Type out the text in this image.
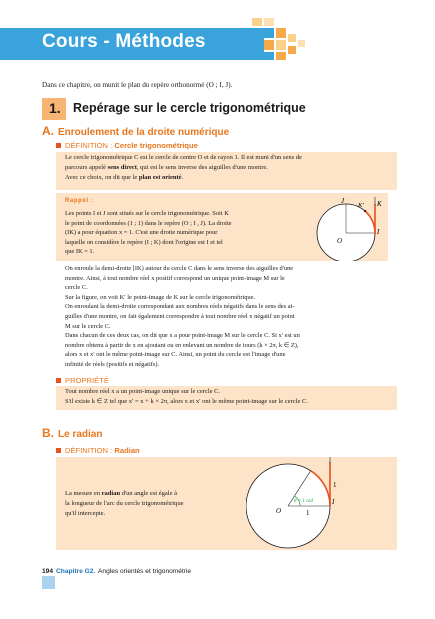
Cours - Méthodes
Dans ce chapitre, on munit le plan du repère orthonormé (O ; I, J).
1. Repérage sur le cercle trigonométrique
A. Enroulement de la droite numérique
DÉFINITION : Cercle trigonométrique

Le cercle trigonométrique C est le cercle de centre O et de rayon 1. Il est muni d'un sens de

parcours appelé sens direct, qui est le sens inverse des aiguilles d'une montre.

Avec ce choix, on dit que le plan est orienté.

Rappel :

Les points I et J sont situés sur le cercle trigonométrique. Soit K

le point de coordonnées (1 ; 1) dans le repère (O ; I , J). La droite

(IK) a pour équation x = 1. C'est une droite numérique pour

laquelle on considère le repère (I ; K) dont l'origine est I et tel

que IK = 1.

J
K′ K
I
O

On enroule la demi-droite [IK) autour du cercle C dans le sens inverse des aiguilles d'une

montre. Ainsi, à tout nombre réel x positif correspond un unique point-image M sur le

cercle C.

Sur la figure, on voit K′ le point-image de K sur le cercle trigonométrique.

On enroulant la demi-droite correspondant aux nombres réels négatifs dans le sens des ai-

guilles d'une montre, on fait également correspondre à tout nombre réel x négatif un point

M sur le cercle C.

Dans chacun de ces deux cas, on dit que x a pour point-image M sur le cercle C. Si x′ est un

nombre obtenu à partir de x en ajoutant ou en enlevant un nombre de tours (k × 2π, k ∈ Z),

alors x et x′ ont le même point-image sur C. Ainsi, un point du cercle est l'image d'une

infinité de réels (positifs et négatifs).

PROPRIÉTÉ

Tout nombre réel x a un point-image unique sur le cercle C.

S'il existe k ∈ Z tel que x′ = x + k × 2π, alors x et x′ ont le même point-image sur le cercle C.

B. Le radian
DÉFINITION : Radian

La mesure en radian d'un angle est égale à

la longueur de l'arc du cercle trigonométrique

qu'il intercepte.

θ = 1 rad
1
I
O	1
194 Chapitre G2. Angles orientés et trigonométrie
